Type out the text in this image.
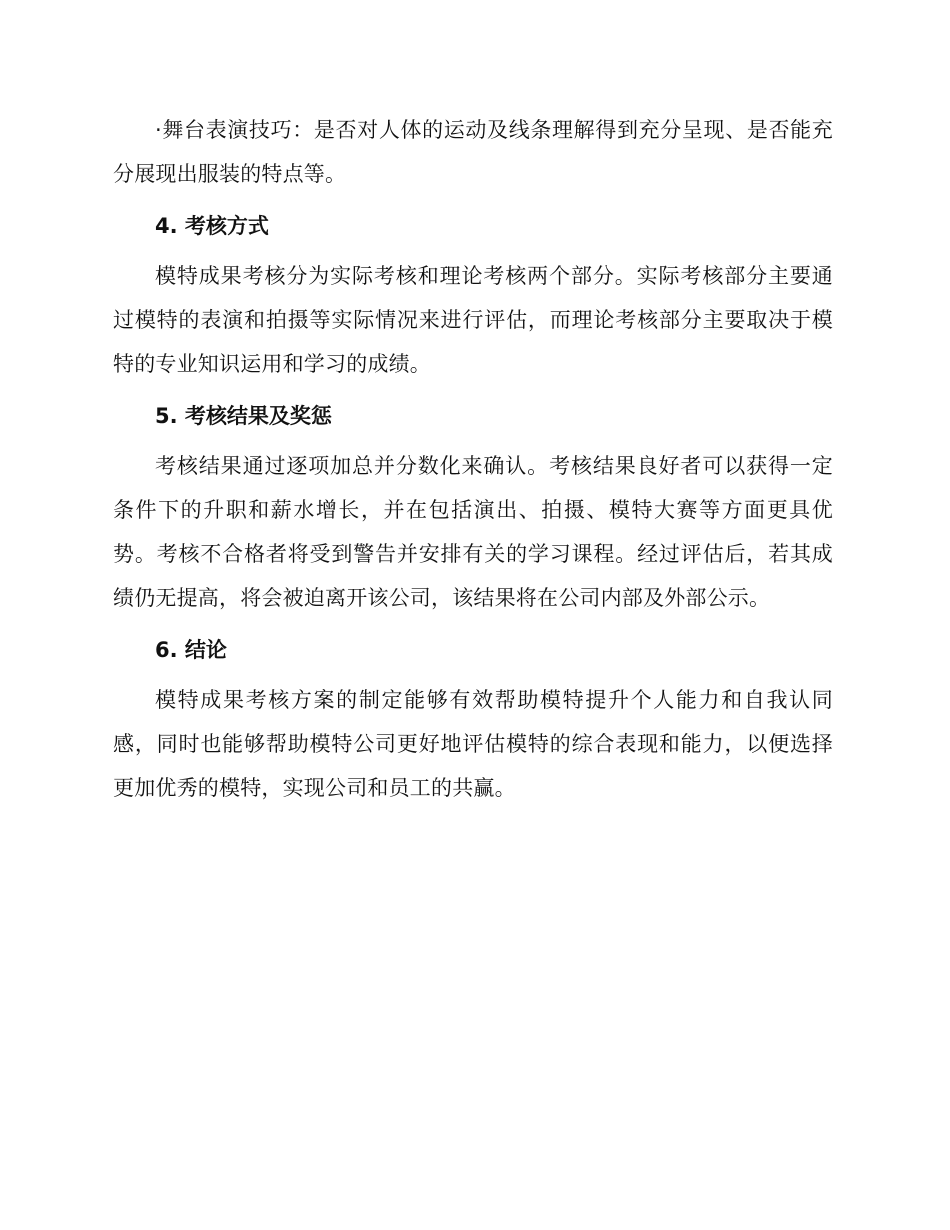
·舞台表演技巧：是否对人体的运动及线条理解得到充分呈现、是否能充分展现出服装的特点等。

4. 考核方式

模特成果考核分为实际考核和理论考核两个部分。实际考核部分主要通过模特的表演和拍摄等实际情况来进行评估，而理论考核部分主要取决于模特的专业知识运用和学习的成绩。

5. 考核结果及奖惩

考核结果通过逐项加总并分数化来确认。考核结果良好者可以获得一定条件下的升职和薪水增长，并在包括演出、拍摄、模特大赛等方面更具优势。考核不合格者将受到警告并安排有关的学习课程。经过评估后，若其成绩仍无提高，将会被迫离开该公司，该结果将在公司内部及外部公示。

6. 结论

模特成果考核方案的制定能够有效帮助模特提升个人能力和自我认同感，同时也能够帮助模特公司更好地评估模特的综合表现和能力，以便选择更加优秀的模特，实现公司和员工的共赢。
